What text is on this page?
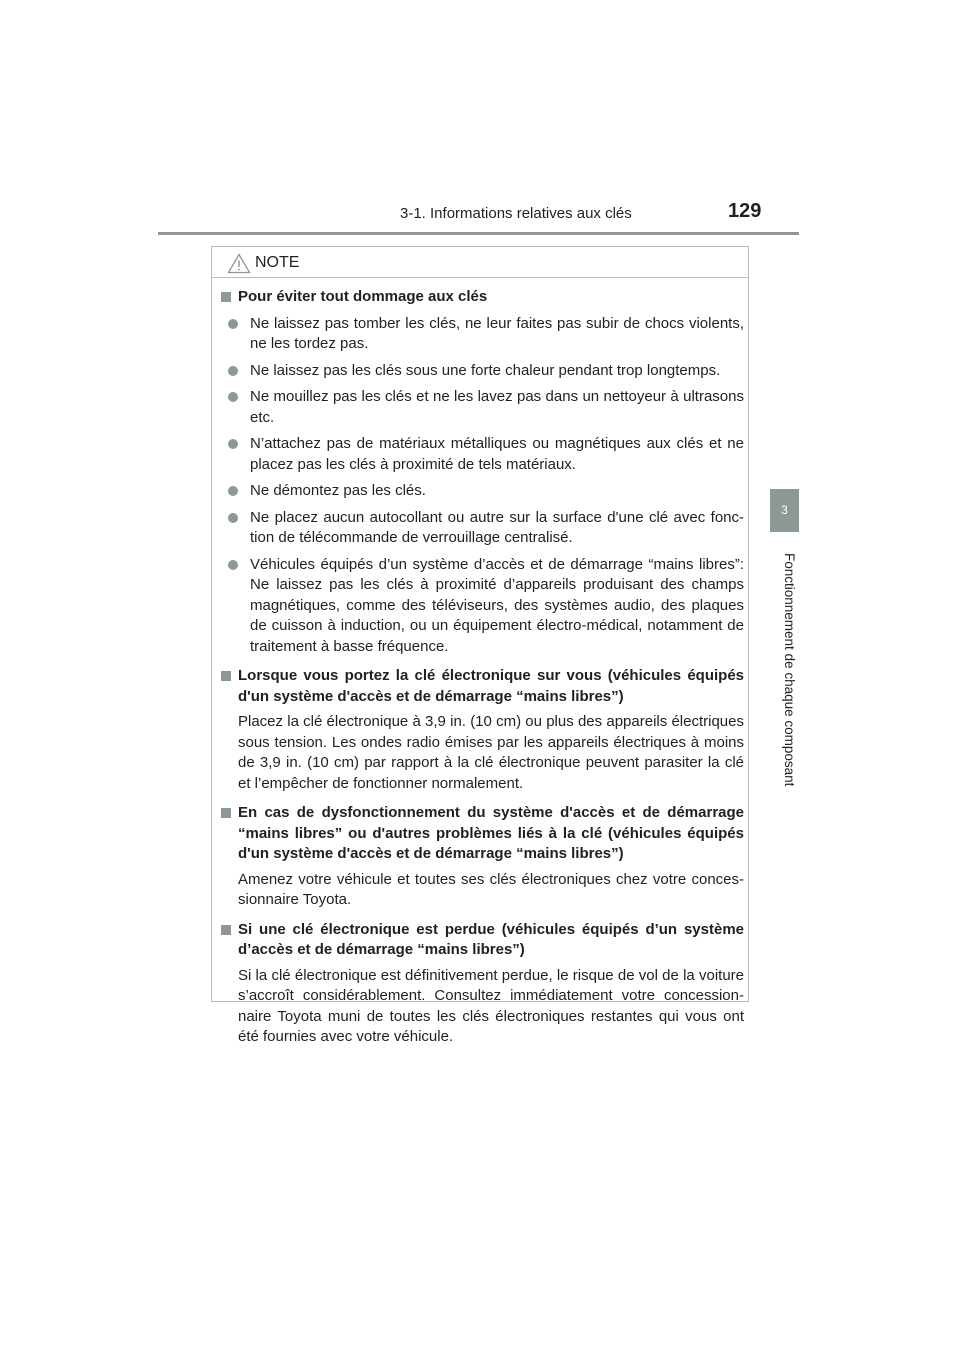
3-1. Informations relatives aux clés	129
3
Fonctionnement de chaque composant
NOTE
Pour éviter tout dommage aux clés
Ne laissez pas tomber les clés, ne leur faites pas subir de chocs violents, ne les tordez pas.
Ne laissez pas les clés sous une forte chaleur pendant trop longtemps.
Ne mouillez pas les clés et ne les lavez pas dans un nettoyeur à ultrasons etc.
N’attachez pas de matériaux métalliques ou magnétiques aux clés et ne placez pas les clés à proximité de tels matériaux.
Ne démontez pas les clés.
Ne placez aucun autocollant ou autre sur la surface d'une clé avec fonc-tion de télécommande de verrouillage centralisé.
Véhicules équipés d’un système d’accès et de démarrage “mains libres”: Ne laissez pas les clés à proximité d’appareils produisant des champs magnétiques, comme des téléviseurs, des systèmes audio, des plaques de cuisson à induction, ou un équipement électro-médical, notamment de traitement à basse fréquence.
Lorsque vous portez la clé électronique sur vous (véhicules équipés d'un système d'accès et de démarrage “mains libres”)
Placez la clé électronique à 3,9 in. (10 cm) ou plus des appareils électriques sous tension. Les ondes radio émises par les appareils électriques à moins de 3,9 in. (10 cm) par rapport à la clé électronique peuvent parasiter la clé et l’empêcher de fonctionner normalement.
En cas de dysfonctionnement du système d'accès et de démarrage “mains libres” ou d'autres problèmes liés à la clé (véhicules équipés d'un système d'accès et de démarrage “mains libres”)
Amenez votre véhicule et toutes ses clés électroniques chez votre conces-sionnaire Toyota.
Si une clé électronique est perdue (véhicules équipés d’un système d’accès et de démarrage “mains libres”)
Si la clé électronique est définitivement perdue, le risque de vol de la voiture s’accroît considérablement. Consultez immédiatement votre concession-naire Toyota muni de toutes les clés électroniques restantes qui vous ont été fournies avec votre véhicule.
